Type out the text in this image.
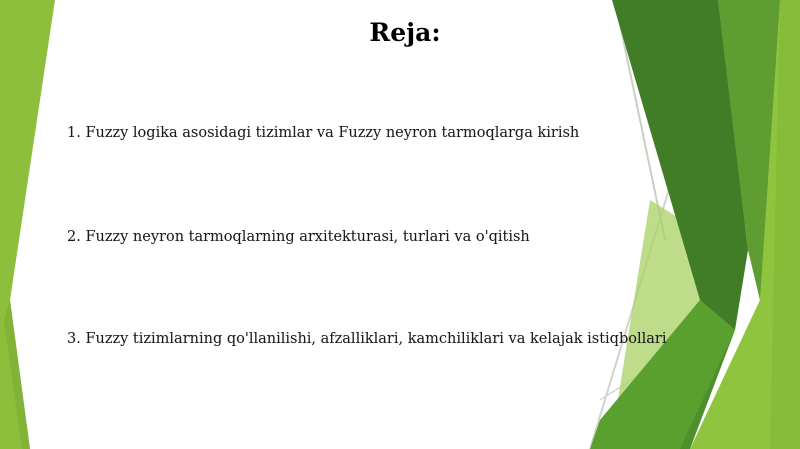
Reja:

1. Fuzzy logika asosidagi tizimlar va Fuzzy neyron tarmoqlarga kirish

2. Fuzzy neyron tarmoqlarning arxitekturasi, turlari va o'qitish

3. Fuzzy tizimlarning qo'llanilishi, afzalliklari, kamchiliklari va kelajak istiqbollari
